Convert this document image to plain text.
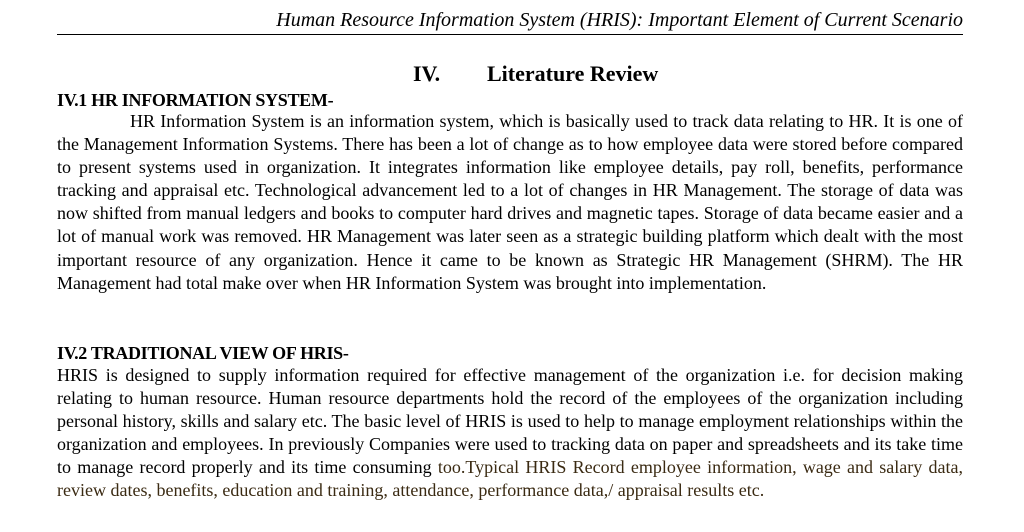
Human Resource Information System (HRIS): Important Element of Current Scenario
IV. Literature Review
IV.1 HR INFORMATION SYSTEM-

HR Information System is an information system, which is basically used to track data relating to HR. It is one of the Management Information Systems. There has been a lot of change as to how employee data were stored before compared to present systems used in organization. It integrates information like employee details, pay roll, benefits, performance tracking and appraisal etc. Technological advancement led to a lot of changes in HR Management. The storage of data was now shifted from manual ledgers and books to computer hard drives and magnetic tapes. Storage of data became easier and a lot of manual work was removed. HR Management was later seen as a strategic building platform which dealt with the most important resource of any organization. Hence it came to be known as Strategic HR Management (SHRM). The HR Management had total make over when HR Information System was brought into implementation.

IV.2 TRADITIONAL VIEW OF HRIS-

HRIS is designed to supply information required for effective management of the organization i.e. for decision making relating to human resource. Human resource departments hold the record of the employees of the organization including personal history, skills and salary etc. The basic level of HRIS is used to help to manage employment relationships within the organization and employees. In previously Companies were used to tracking data on paper and spreadsheets and its take time to manage record properly and its time consuming too.Typical HRIS Record employee information, wage and salary data, review dates, benefits, education and training, attendance, performance data,/ appraisal results etc.
